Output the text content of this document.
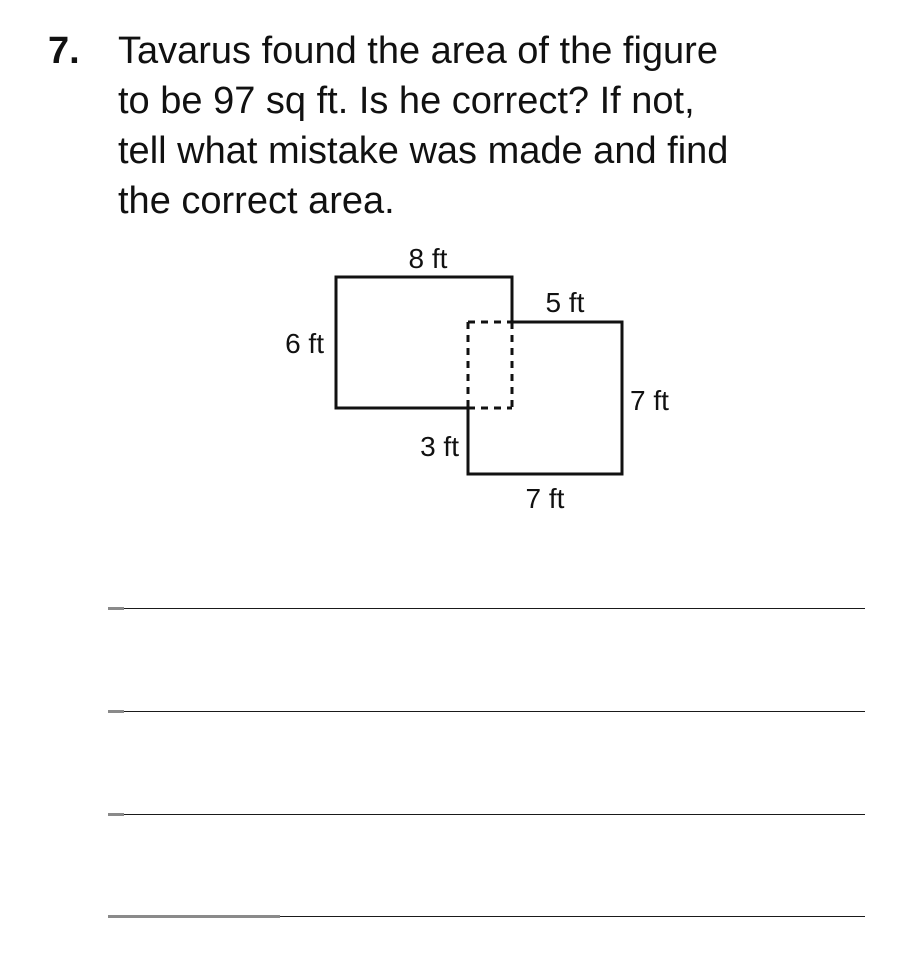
7. Tavarus found the area of the figure
to be 97 sq ft. Is he correct? If not,
tell what mistake was made and find
the correct area.
8 ft
6 ft
5 ft
7 ft
3 ft
7 ft
